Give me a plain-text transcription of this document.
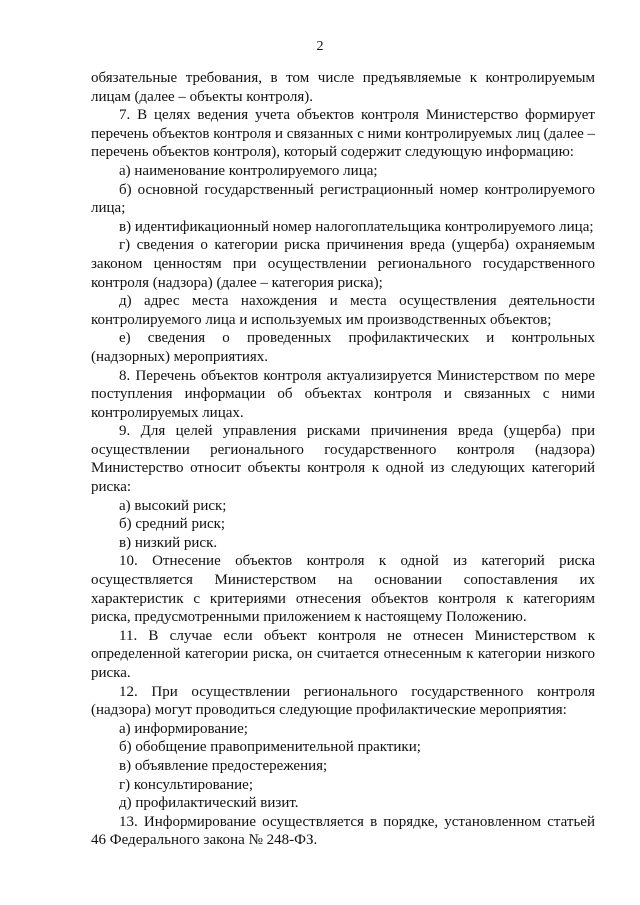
2

обязательные требования, в том числе предъявляемые к контролируемым лицам (далее – объекты контроля).

7. В целях ведения учета объектов контроля Министерство формирует перечень объектов контроля и связанных с ними контролируемых лиц (далее – перечень объектов контроля), который содержит следующую информацию:

а) наименование контролируемого лица;

б) основной государственный регистрационный номер контролируемого лица;

в) идентификационный номер налогоплательщика контролируемого лица;

г) сведения о категории риска причинения вреда (ущерба) охраняемым законом ценностям при осуществлении регионального государственного контроля (надзора) (далее – категория риска);

д) адрес места нахождения и места осуществления деятельности контролируемого лица и используемых им производственных объектов;

е) сведения о проведенных профилактических и контрольных (надзорных) мероприятиях.

8. Перечень объектов контроля актуализируется Министерством по мере поступления информации об объектах контроля и связанных с ними контролируемых лицах.

9. Для целей управления рисками причинения вреда (ущерба) при осуществлении регионального государственного контроля (надзора) Министерство относит объекты контроля к одной из следующих категорий риска:

а) высокий риск;

б) средний риск;

в) низкий риск.

10. Отнесение объектов контроля к одной из категорий риска осуществляется Министерством на основании сопоставления их характеристик с критериями отнесения объектов контроля к категориям риска, предусмотренными приложением к настоящему Положению.

11. В случае если объект контроля не отнесен Министерством к определенной категории риска, он считается отнесенным к категории низкого риска.

12. При осуществлении регионального государственного контроля (надзора) могут проводиться следующие профилактические мероприятия:

а) информирование;

б) обобщение правоприменительной практики;

в) объявление предостережения;

г) консультирование;

д) профилактический визит.

13. Информирование осуществляется в порядке, установленном статьей 46 Федерального закона № 248-ФЗ.
